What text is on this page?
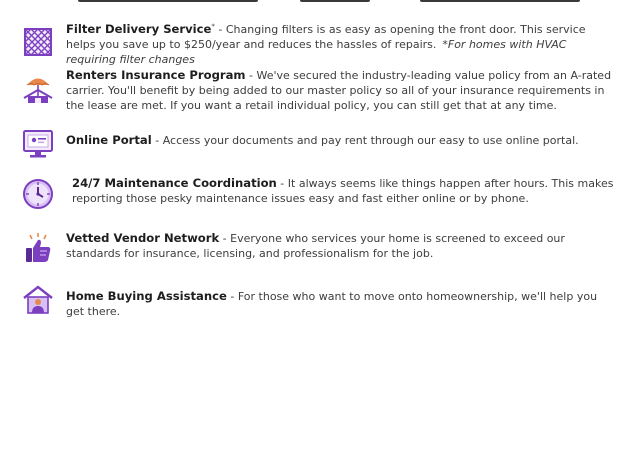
Filter Delivery Service* - Changing filters is as easy as opening the front door. This service helps you save up to $250/year and reduces the hassles of repairs. *For homes with HVAC requiring filter changes
Renters Insurance Program - We've secured the industry-leading value policy from an A-rated carrier. You'll benefit by being added to our master policy so all of your insurance requirements in the lease are met. If you want a retail individual policy, you can still get that at any time.
Online Portal - Access your documents and pay rent through our easy to use online portal.
24/7 Maintenance Coordination - It always seems like things happen after hours. This makes reporting those pesky maintenance issues easy and fast either online or by phone.
Vetted Vendor Network - Everyone who services your home is screened to exceed our standards for insurance, licensing, and professionalism for the job.
Home Buying Assistance - For those who want to move onto homeownership, we'll help you get there.
